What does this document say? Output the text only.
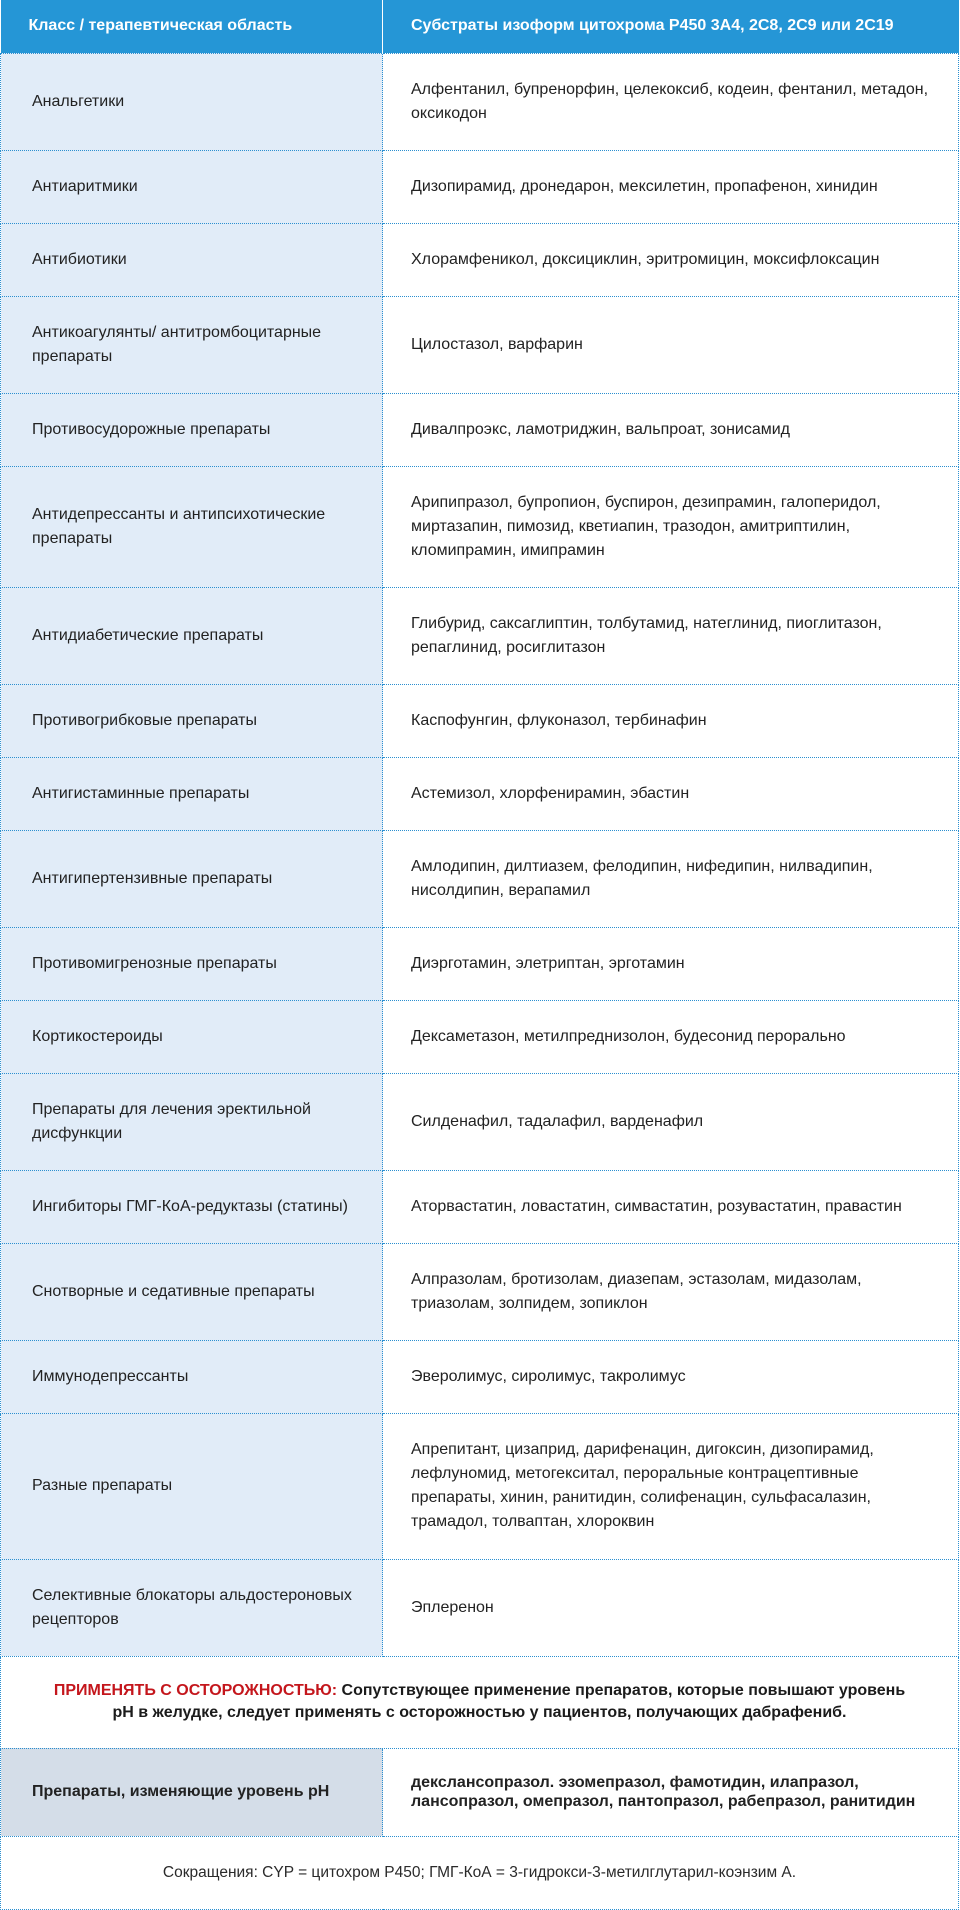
Класс / терапевтическая область	Субстраты изоформ цитохрома P450 3A4, 2C8, 2C9 или 2C19
Анальгетики	Алфентанил, бупренорфин, целекоксиб, кодеин, фентанил, метадон, оксикодон
Антиаритмики	Дизопирамид, дронедарон, мексилетин, пропафенон, хинидин
Антибиотики	Хлорамфеникол, доксициклин, эритромицин, моксифлоксацин
Антикоагулянты/ антитромбоцитарные препараты	Цилостазол, варфарин
Противосудорожные препараты	Дивалпроэкс, ламотриджин, вальпроат, зонисамид
Антидепрессанты и антипсихотические препараты	Арипипразол, бупропион, буспирон, дезипрамин, галоперидол, миртазапин, пимозид, кветиапин, тразодон, амитриптилин, кломипрамин, имипрамин
Антидиабетические препараты	Глибурид, саксаглиптин, толбутамид, натеглинид, пиоглитазон, репаглинид, росиглитазон
Противогрибковые препараты	Каспофунгин, флуконазол, тербинафин
Антигистаминные препараты	Астемизол, хлорфенирамин, эбастин
Антигипертензивные препараты	Амлодипин, дилтиазем, фелодипин, нифедипин, нилвадипин, нисолдипин, верапамил
Противомигренозные препараты	Диэрготамин, элетриптан, эрготамин
Кортикостероиды	Дексаметазон, метилпреднизолон, будесонид перорально
Препараты для лечения эректильной дисфункции	Силденафил, тадалафил, варденафил
Ингибиторы ГМГ-КоА-редуктазы (статины)	Аторвастатин, ловастатин, симвастатин, розувастатин, правастин
Снотворные и седативные препараты	Алпразолам, бротизолам, диазепам, эстазолам, мидазолам, триазолам, золпидем, зопиклон
Иммунодепрессанты	Эверолимус, сиролимус, такролимус
Разные препараты	Апрепитант, цизаприд, дарифенацин, дигоксин, дизопирамид, лефлуномид, метогекситал, пероральные контрацептивные препараты, хинин, ранитидин, солифенацин, сульфасалазин, трамадол, толваптан, хлороквин
Селективные блокаторы альдостероновых рецепторов	Эплеренон
ПРИМЕНЯТЬ С ОСТОРОЖНОСТЬЮ: Сопутствующее применение препаратов, которые повышают уровень pH в желудке, следует применять с осторожностью у пациентов, получающих дабрафениб.	
Препараты, изменяющие уровень pH	декслансопразол. эзомепразол, фамотидин, илапразол, лансопразол, омепразол, пантопразол, рабепразол, ранитидин
Сокращения: CYP = цитохром P450; ГМГ-КоА = 3-гидрокси-3-метилглутарил-коэнзим А.	
